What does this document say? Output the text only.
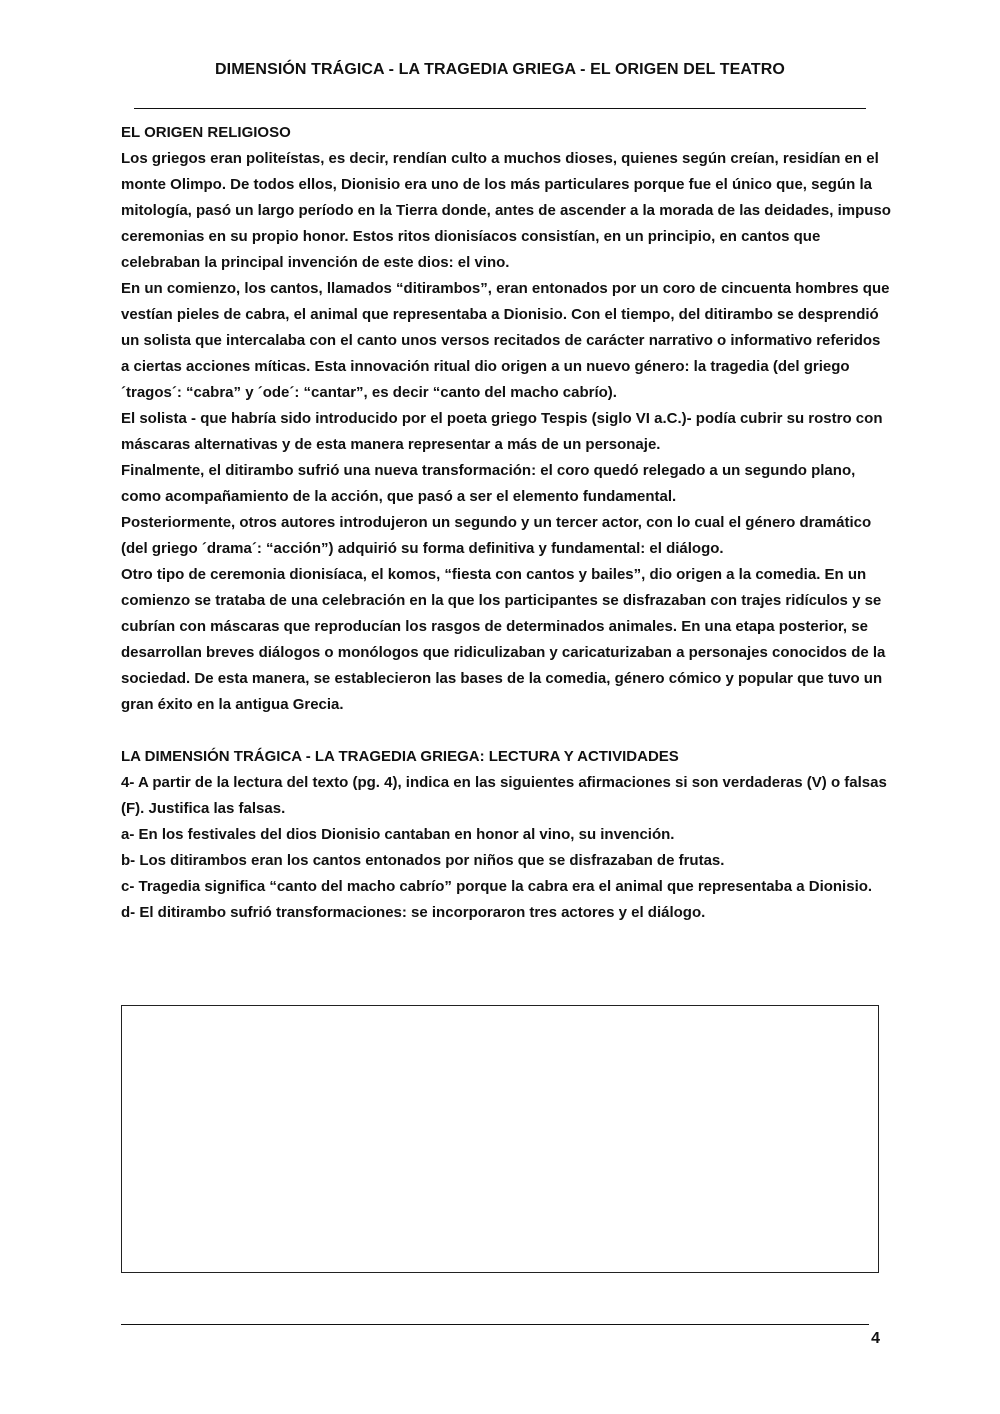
DIMENSIÓN TRÁGICA - LA TRAGEDIA GRIEGA - EL ORIGEN DEL TEATRO
EL ORIGEN RELIGIOSO

Los griegos eran politeístas, es decir, rendían culto a muchos dioses, quienes según creían, residían en el monte Olimpo. De todos ellos, Dionisio era uno de los más particulares porque fue el único que, según la mitología, pasó un largo período en la Tierra donde, antes de ascender a la morada de las deidades, impuso ceremonias en su propio honor. Estos ritos dionisíacos consistían, en un principio, en cantos que celebraban la principal invención de este dios: el vino.

En un comienzo, los cantos, llamados “ditirambos”, eran entonados por un coro de cincuenta hombres que vestían pieles de cabra, el animal que representaba a Dionisio. Con el tiempo, del ditirambo se desprendió un solista que intercalaba con el canto unos versos recitados de carácter narrativo o informativo referidos a ciertas acciones míticas. Esta innovación ritual dio origen a un nuevo género: la tragedia (del griego ´tragos´: “cabra” y ´ode´: “cantar”, es decir “canto del macho cabrío).

El solista - que habría sido introducido por el poeta griego Tespis (siglo VI a.C.)- podía cubrir su rostro con máscaras alternativas y de esta manera representar a más de un personaje.

Finalmente, el ditirambo sufrió una nueva transformación: el coro quedó relegado a un segundo plano, como acompañamiento de la acción, que pasó a ser el elemento fundamental.

Posteriormente, otros autores introdujeron un segundo y un tercer actor, con lo cual el género dramático (del griego ´drama´: “acción”) adquirió su forma definitiva y fundamental: el diálogo.

Otro tipo de ceremonia dionisíaca, el komos, “fiesta con cantos y bailes”, dio origen a la comedia. En un comienzo se trataba de una celebración en la que los participantes se disfrazaban con trajes ridículos y se cubrían con máscaras que reproducían los rasgos de determinados animales. En una etapa posterior, se desarrollan breves diálogos o monólogos que ridiculizaban y caricaturizaban a personajes conocidos de la sociedad. De esta manera, se establecieron las bases de la comedia, género cómico y popular que tuvo un gran éxito en la antigua Grecia.

LA DIMENSIÓN TRÁGICA - LA TRAGEDIA GRIEGA: LECTURA Y ACTIVIDADES

4- A partir de la lectura del texto (pg. 4), indica en las siguientes afirmaciones si son verdaderas (V) o falsas (F). Justifica las falsas.

a- En los festivales del dios Dionisio cantaban en honor al vino, su invención.

b- Los ditirambos eran los cantos entonados por niños que se disfrazaban de frutas.

c- Tragedia significa “canto del macho cabrío” porque la cabra era el animal que representaba a Dionisio.

d- El ditirambo sufrió transformaciones: se incorporaron tres actores y el diálogo.

4
